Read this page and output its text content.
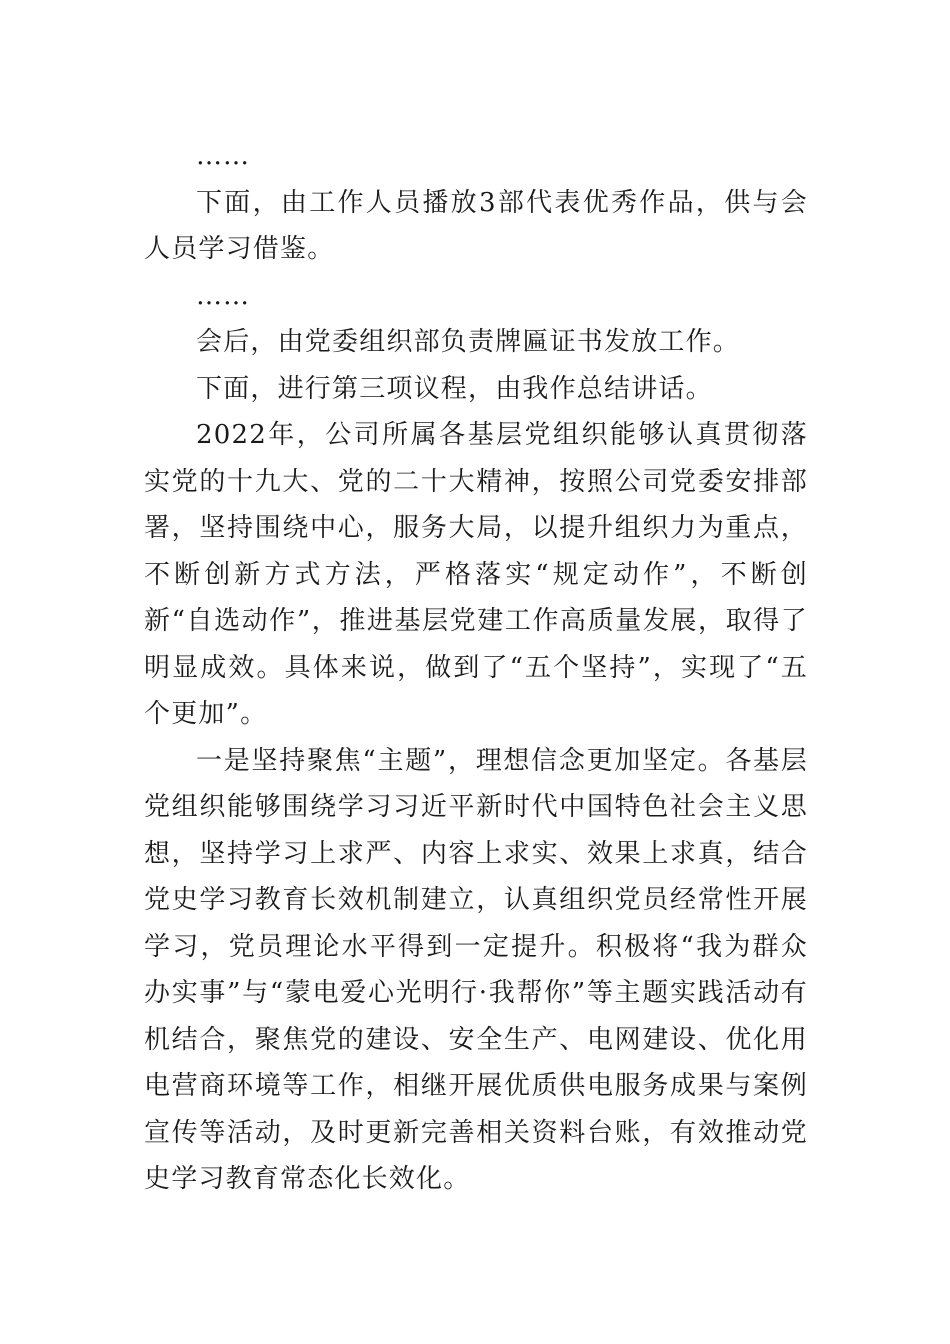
……

下面，由工作人员播放3部代表优秀作品，供与会人员学习借鉴。

……

会后，由党委组织部负责牌匾证书发放工作。

下面，进行第三项议程，由我作总结讲话。

2022年，公司所属各基层党组织能够认真贯彻落实党的十九大、党的二十大精神，按照公司党委安排部署，坚持围绕中心，服务大局，以提升组织力为重点，不断创新方式方法，严格落实“规定动作”，不断创新“自选动作”，推进基层党建工作高质量发展，取得了明显成效。具体来说，做到了“五个坚持”，实现了“五个更加”。

一是坚持聚焦“主题”，理想信念更加坚定。各基层党组织能够围绕学习习近平新时代中国特色社会主义思想，坚持学习上求严、内容上求实、效果上求真，结合党史学习教育长效机制建立，认真组织党员经常性开展学习，党员理论水平得到一定提升。积极将“我为群众办实事”与“蒙电爱心光明行·我帮你”等主题实践活动有机结合，聚焦党的建设、安全生产、电网建设、优化用电营商环境等工作，相继开展优质供电服务成果与案例宣传等活动，及时更新完善相关资料台账，有效推动党史学习教育常态化长效化。
